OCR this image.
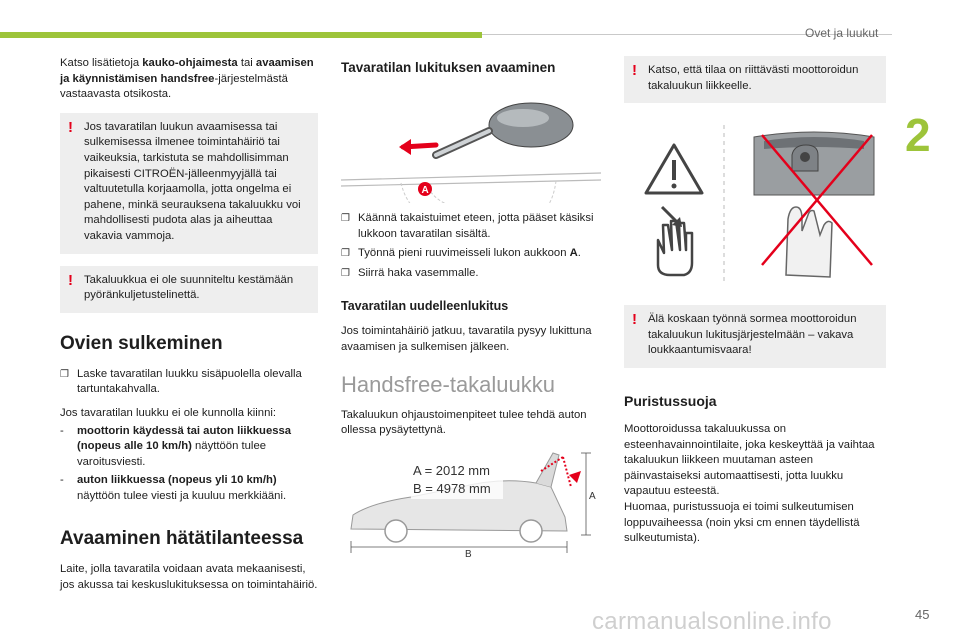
Ovet ja luukut
2
45
carmanualsonline.info

Katso lisätietoja kauko-ohjaimesta tai avaamisen ja käynnistämisen handsfree-järjestelmästä vastaavasta otsikosta.

! Jos tavaratilan luukun avaamisessa tai sulkemisessa ilmenee toimintahäiriö tai vaikeuksia, tarkistuta se mahdollisimman pikaisesti CITROËN-jälleenmyyjällä tai valtuutetulla korjaamolla, jotta ongelma ei pahene, minkä seurauksena takaluukku voi mahdollisesti pudota alas ja aiheuttaa vakavia vammoja.
! Takaluukkua ei ole suunniteltu kestämään pyöränkuljetustelinettä.
Ovien sulkeminen
❐ Laske tavaratilan luukku sisäpuolella olevalla tartuntakahvalla.

Jos tavaratilan luukku ei ole kunnolla kiinni:

- moottorin käydessä tai auton liikkuessa (nopeus alle 10 km/h) näyttöön tulee varoitusviesti.
- auton liikkuessa (nopeus yli 10 km/h) näyttöön tulee viesti ja kuuluu merkkiääni.
Avaaminen hätätilanteessa

Laite, jolla tavaratila voidaan avata mekaanisesti, jos akussa tai keskuslukituksessa on toimintahäiriö.

Tavaratilan lukituksen avaaminen
A
❐ Käännä takaistuimet eteen, jotta pääset käsiksi lukkoon tavaratilan sisältä.
❐ Työnnä pieni ruuvimeisseli lukon aukkoon A.
❐ Siirrä haka vasemmalle.
Tavaratilan uudelleenlukitus

Jos toimintahäiriö jatkuu, tavaratila pysyy lukittuna avaamisen ja sulkemisen jälkeen.

Handsfree-takaluukku

Takaluukun ohjaustoimenpiteet tulee tehdä auton ollessa pysäytettynä.

A = 2012 mm
B = 4978 mm
A
B
! Katso, että tilaa on riittävästi moottoroidun takaluukun liikkeelle.
! Älä koskaan työnnä sormea moottoroidun takaluukun lukitusjärjestelmään – vakava loukkaantumisvaara!
Puristussuoja

Moottoroidussa takaluukussa on esteenhavainnointilaite, joka keskeyttää ja vaihtaa takaluukun liikkeen muutaman asteen päinvastaiseksi automaattisesti, jotta luukku vapautuu esteestä.

Huomaa, puristussuoja ei toimi sulkeutumisen loppuvaiheessa (noin yksi cm ennen täydellistä sulkeutumista).
